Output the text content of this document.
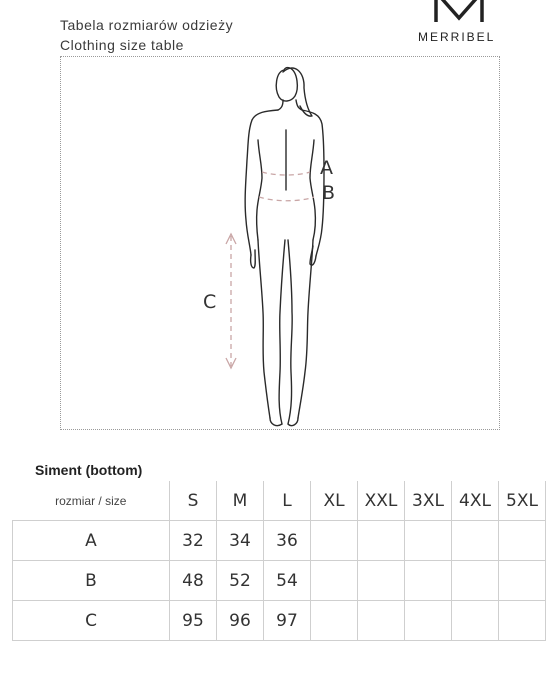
Tabela rozmiarów odzieży
Clothing size table	MERRIBEL
A
B
C
Siment (bottom)
rozmiar / size	S	M	L	XL	XXL	3XL	4XL	5XL
A	32	34	36					
B	48	52	54					
C	95	96	97					
